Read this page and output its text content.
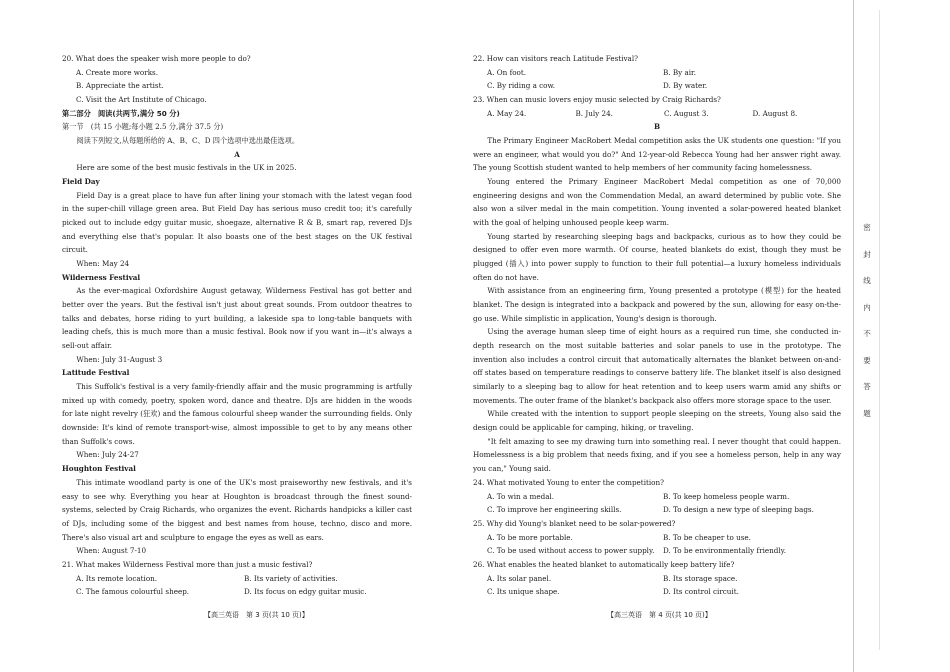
密
封
线
内
不
要
答
题

20. What does the speaker wish more people to do?

A. Create more works.

B. Appreciate the artist.

C. Visit the Art Institute of Chicago.

第二部分　阅读(共两节,满分 50 分)

第一节　(共 15 小题;每小题 2.5 分,满分 37.5 分)

阅读下列短文,从每题所给的 A、B、C、D 四个选项中选出最佳选项。

A

Here are some of the best music festivals in the UK in 2025.

Field Day

Field Day is a great place to have fun after lining your stomach with the latest vegan food in the super-chill village green area. But Field Day has serious muso credit too; it's carefully picked out to include edgy guitar music, shoegaze, alternative R & B, smart rap, revered DJs and everything else that's popular. It also boasts one of the best stages on the UK festival circuit.

When: May 24

Wilderness Festival

As the ever-magical Oxfordshire August getaway, Wilderness Festival has got better and better over the years. But the festival isn't just about great sounds. From outdoor theatres to talks and debates, horse riding to yurt building, a lakeside spa to long-table banquets with leading chefs, this is much more than a music festival. Book now if you want in—it's always a sell-out affair.

When: July 31-August 3

Latitude Festival

This Suffolk's festival is a very family-friendly affair and the music programming is artfully mixed up with comedy, poetry, spoken word, dance and theatre. DJs are hidden in the woods for late night revelry (狂欢) and the famous colourful sheep wander the surrounding fields. Only downside: It's kind of remote transport-wise, almost impossible to get to by any means other than Suffolk's cows.

When: July 24-27

Houghton Festival

This intimate woodland party is one of the UK's most praiseworthy new festivals, and it's easy to see why. Everything you hear at Houghton is broadcast through the finest sound-systems, selected by Craig Richards, who organizes the event. Richards handpicks a killer cast of DJs, including some of the biggest and best names from house, techno, disco and more. There's also visual art and sculpture to engage the eyes as well as ears.

When: August 7-10

21. What makes Wilderness Festival more than just a music festival?

A. Its remote location.	B. Its variety of activities.
C. The famous colourful sheep.	D. Its focus on edgy guitar music.

22. How can visitors reach Latitude Festival?

A. On foot.	B. By air.
C. By riding a cow.	D. By water.

23. When can music lovers enjoy music selected by Craig Richards?

A. May 24.	B. July 24.	C. August 3.	D. August 8.

B

The Primary Engineer MacRobert Medal competition asks the UK students one question: "If you were an engineer, what would you do?" And 12-year-old Rebecca Young had her answer right away. The young Scottish student wanted to help members of her community facing homelessness.

Young entered the Primary Engineer MacRobert Medal competition as one of 70,000 engineering designs and won the Commendation Medal, an award determined by public vote. She also won a silver medal in the main competition. Young invented a solar-powered heated blanket with the goal of helping unhoused people keep warm.

Young started by researching sleeping bags and backpacks, curious as to how they could be designed to offer even more warmth. Of course, heated blankets do exist, though they must be plugged (插入) into power supply to function to their full potential—a luxury homeless individuals often do not have.

With assistance from an engineering firm, Young presented a prototype (模型) for the heated blanket. The design is integrated into a backpack and powered by the sun, allowing for easy on-the-go use. While simplistic in application, Young's design is thorough.

Using the average human sleep time of eight hours as a required run time, she conducted in-depth research on the most suitable batteries and solar panels to use in the prototype. The invention also includes a control circuit that automatically alternates the blanket between on-and-off states based on temperature readings to conserve battery life. The blanket itself is also designed similarly to a sleeping bag to allow for heat retention and to keep users warm amid any shifts or movements. The outer frame of the blanket's backpack also offers more storage space to the user.

While created with the intention to support people sleeping on the streets, Young also said the design could be applicable for camping, hiking, or traveling.

"It felt amazing to see my drawing turn into something real. I never thought that could happen. Homelessness is a big problem that needs fixing, and if you see a homeless person, help in any way you can," Young said.

24. What motivated Young to enter the competition?

A. To win a medal.	B. To keep homeless people warm.
C. To improve her engineering skills.	D. To design a new type of sleeping bags.

25. Why did Young's blanket need to be solar-powered?

A. To be more portable.	B. To be cheaper to use.
C. To be used without access to power supply.	D. To be environmentally friendly.

26. What enables the heated blanket to automatically keep battery life?

A. Its solar panel.	B. Its storage space.
C. Its unique shape.	D. Its control circuit.
【高三英语　第 3 页(共 10 页)】	【高三英语　第 4 页(共 10 页)】
